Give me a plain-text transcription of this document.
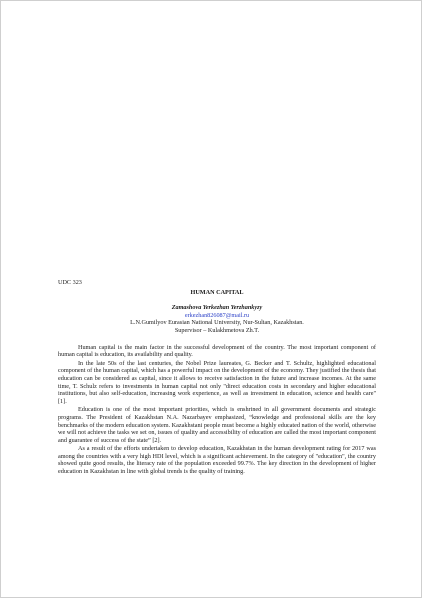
UDC 323
HUMAN CAPITAL
Zamashova Yerkezhan Yerzhankyzy
erkezhan826087@mail.ru
L.N.Gumilyov Eurasian National University, Nur-Sultan, Kazakhstan.
Supervisor – Kulakhmetova Zh.T.

Human capital is the main factor in the successful development of the country. The most important component of human capital is education, its availability and quality.

In the late 50s of the last centuries, the Nobel Prize laureates, G. Becker and T. Schultz, highlighted educational component of the human capital, which has a powerful impact on the development of the economy. They justified the thesis that education can be considered as capital, since it allows to receive satisfaction in the future and increase incomes. At the same time, T. Schulz refers to investments in human capital not only "direct education costs in secondary and higher educational institutions, but also self-education, increasing work experience, as well as investment in education, science and health care" [1].

Education is one of the most important priorities, which is enshrined in all government documents and strategic programs. The President of Kazakhstan N.A. Nazarbayev emphasized, “knowledge and professional skills are the key benchmarks of the modern education system. Kazakhstani people must become a highly educated nation of the world, otherwise we will not achieve the tasks we set on, issues of quality and accessibility of education are called the most important component and guarantee of success of the state” [2].

As a result of the efforts undertaken to develop education, Kazakhstan in the human development rating for 2017 was among the countries with a very high HDI level, which is a significant achievement. In the category of "education", the country showed quite good results, the literacy rate of the population exceeded 99.7%. The key direction in the development of higher education in Kazakhstan in line with global trends is the quality of training.
